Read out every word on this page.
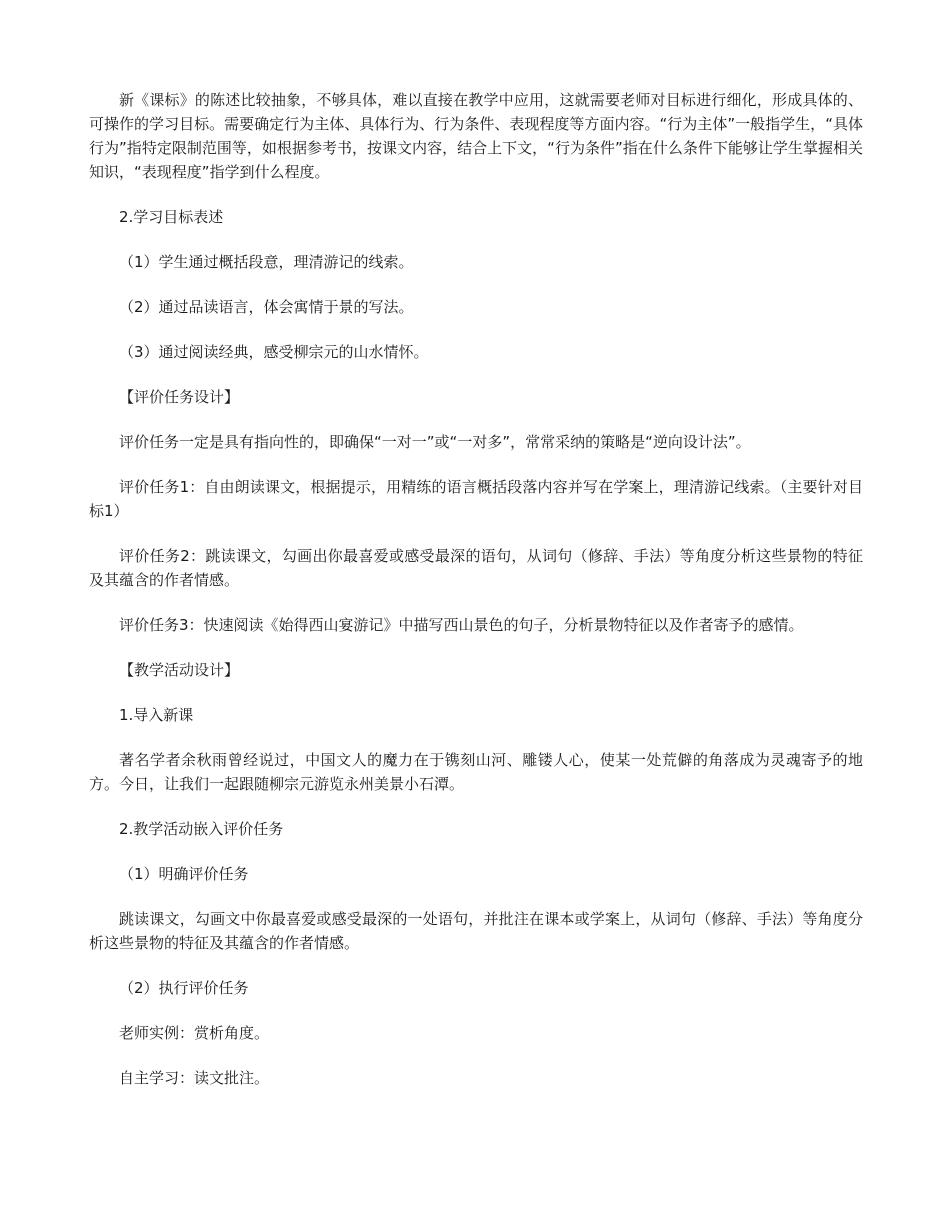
新《课标》的陈述比较抽象，不够具体，难以直接在教学中应用，这就需要老师对目标进行细化，形成具体的、可操作的学习目标。需要确定行为主体、具体行为、行为条件、表现程度等方面内容。“行为主体”一般指学生，“具体行为”指特定限制范围等，如根据参考书，按课文内容，结合上下文，“行为条件”指在什么条件下能够让学生掌握相关知识，“表现程度”指学到什么程度。

2.学习目标表述

（1）学生通过概括段意，理清游记的线索。

（2）通过品读语言，体会寓情于景的写法。

（3）通过阅读经典，感受柳宗元的山水情怀。

【评价任务设计】

评价任务一定是具有指向性的，即确保“一对一”或“一对多”，常常采纳的策略是“逆向设计法”。

评价任务1：自由朗读课文，根据提示，用精练的语言概括段落内容并写在学案上，理清游记线索。（主要针对目标1）

评价任务2：跳读课文，勾画出你最喜爱或感受最深的语句，从词句（修辞、手法）等角度分析这些景物的特征及其蕴含的作者情感。

评价任务3：快速阅读《始得西山宴游记》中描写西山景色的句子，分析景物特征以及作者寄予的感情。

【教学活动设计】

1.导入新课

著名学者余秋雨曾经说过，中国文人的魔力在于镌刻山河、雕镂人心，使某一处荒僻的角落成为灵魂寄予的地方。今日，让我们一起跟随柳宗元游览永州美景小石潭。

2.教学活动嵌入评价任务

（1）明确评价任务

跳读课文，勾画文中你最喜爱或感受最深的一处语句，并批注在课本或学案上，从词句（修辞、手法）等角度分析这些景物的特征及其蕴含的作者情感。

（2）执行评价任务

老师实例：赏析角度。

自主学习：读文批注。
